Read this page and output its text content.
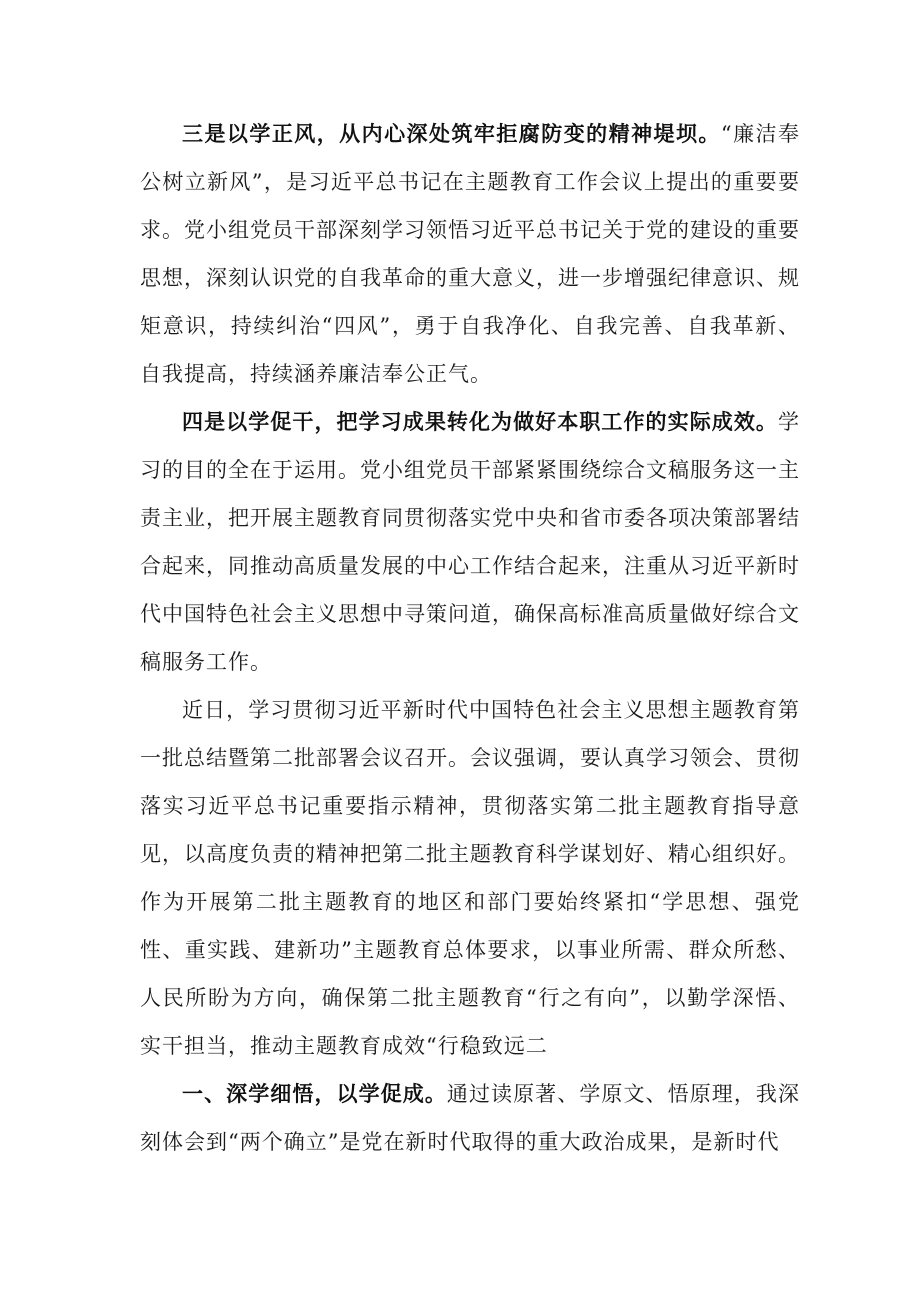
三是以学正风，从内心深处筑牢拒腐防变的精神堤坝。“廉洁奉公树立新风”，是习近平总书记在主题教育工作会议上提出的重要要求。党小组党员干部深刻学习领悟习近平总书记关于党的建设的重要思想，深刻认识党的自我革命的重大意义，进一步增强纪律意识、规矩意识，持续纠治“四风”，勇于自我净化、自我完善、自我革新、自我提高，持续涵养廉洁奉公正气。

四是以学促干，把学习成果转化为做好本职工作的实际成效。学习的目的全在于运用。党小组党员干部紧紧围绕综合文稿服务这一主责主业，把开展主题教育同贯彻落实党中央和省市委各项决策部署结合起来，同推动高质量发展的中心工作结合起来，注重从习近平新时代中国特色社会主义思想中寻策问道，确保高标准高质量做好综合文稿服务工作。

近日，学习贯彻习近平新时代中国特色社会主义思想主题教育第一批总结暨第二批部署会议召开。会议强调，要认真学习领会、贯彻落实习近平总书记重要指示精神，贯彻落实第二批主题教育指导意见，以高度负责的精神把第二批主题教育科学谋划好、精心组织好。作为开展第二批主题教育的地区和部门要始终紧扣“学思想、强党性、重实践、建新功”主题教育总体要求，以事业所需、群众所愁、人民所盼为方向，确保第二批主题教育“行之有向”，以勤学深悟、实干担当，推动主题教育成效“行稳致远二

一、深学细悟，以学促成。通过读原著、学原文、悟原理，我深刻体会到“两个确立”是党在新时代取得的重大政治成果，是新时代
